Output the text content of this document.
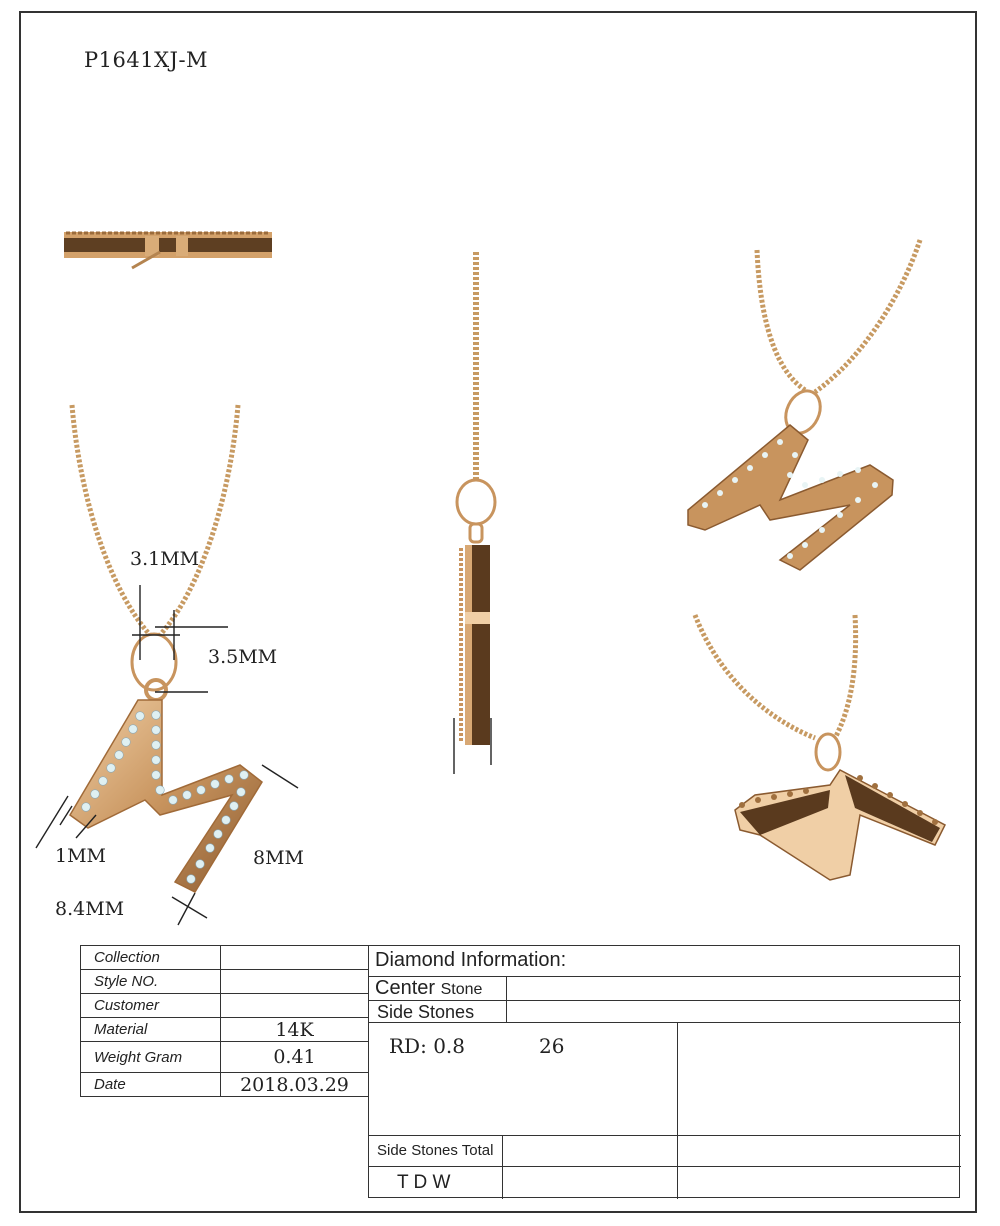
P1641XJ-M
3.1MM
3.5MM
1MM	8MM
8.4MM
Collection	
Style NO.	
Customer	
Material	14K
Weight Gram	0.41
Date	2018.03.29
Diamond Information:
Center Stone
Side Stones
RD: 0.8	26
Side Stones Total
T D W
